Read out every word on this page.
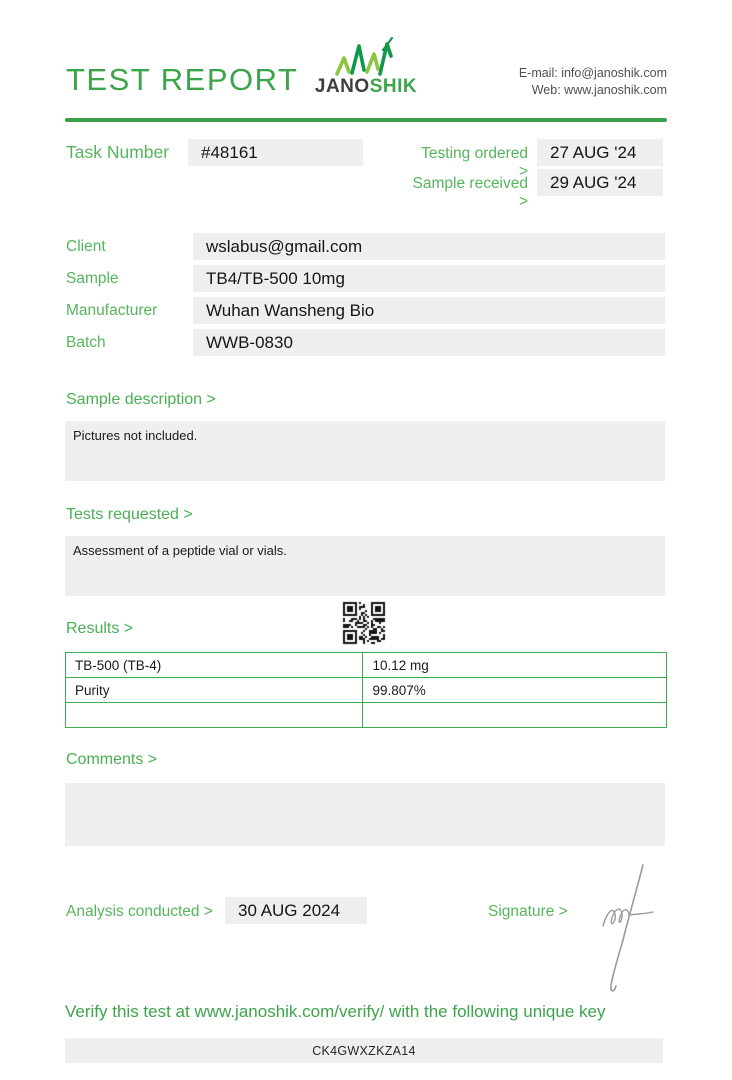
TEST REPORT JANOSHIK
E-mail: info@janoshik.com
Web: www.janoshik.com
Task Number	#48161	Testing ordered >
27 AUG '24
Sample received >
29 AUG '24
Client	wslabus@gmail.com
Sample	TB4/TB-500 10mg
Manufacturer	Wuhan Wansheng Bio
Batch	WWB-0830
Sample description >
Pictures not included.
Tests requested >
Assessment of a peptide vial or vials.
Results >
TB-500 (TB-4)	10.12 mg
Purity	99.807%

Comments >
Analysis conducted >	30 AUG 2024	Signature >
Verify this test at www.janoshik.com/verify/ with the following unique key
CK4GWXZKZA14
